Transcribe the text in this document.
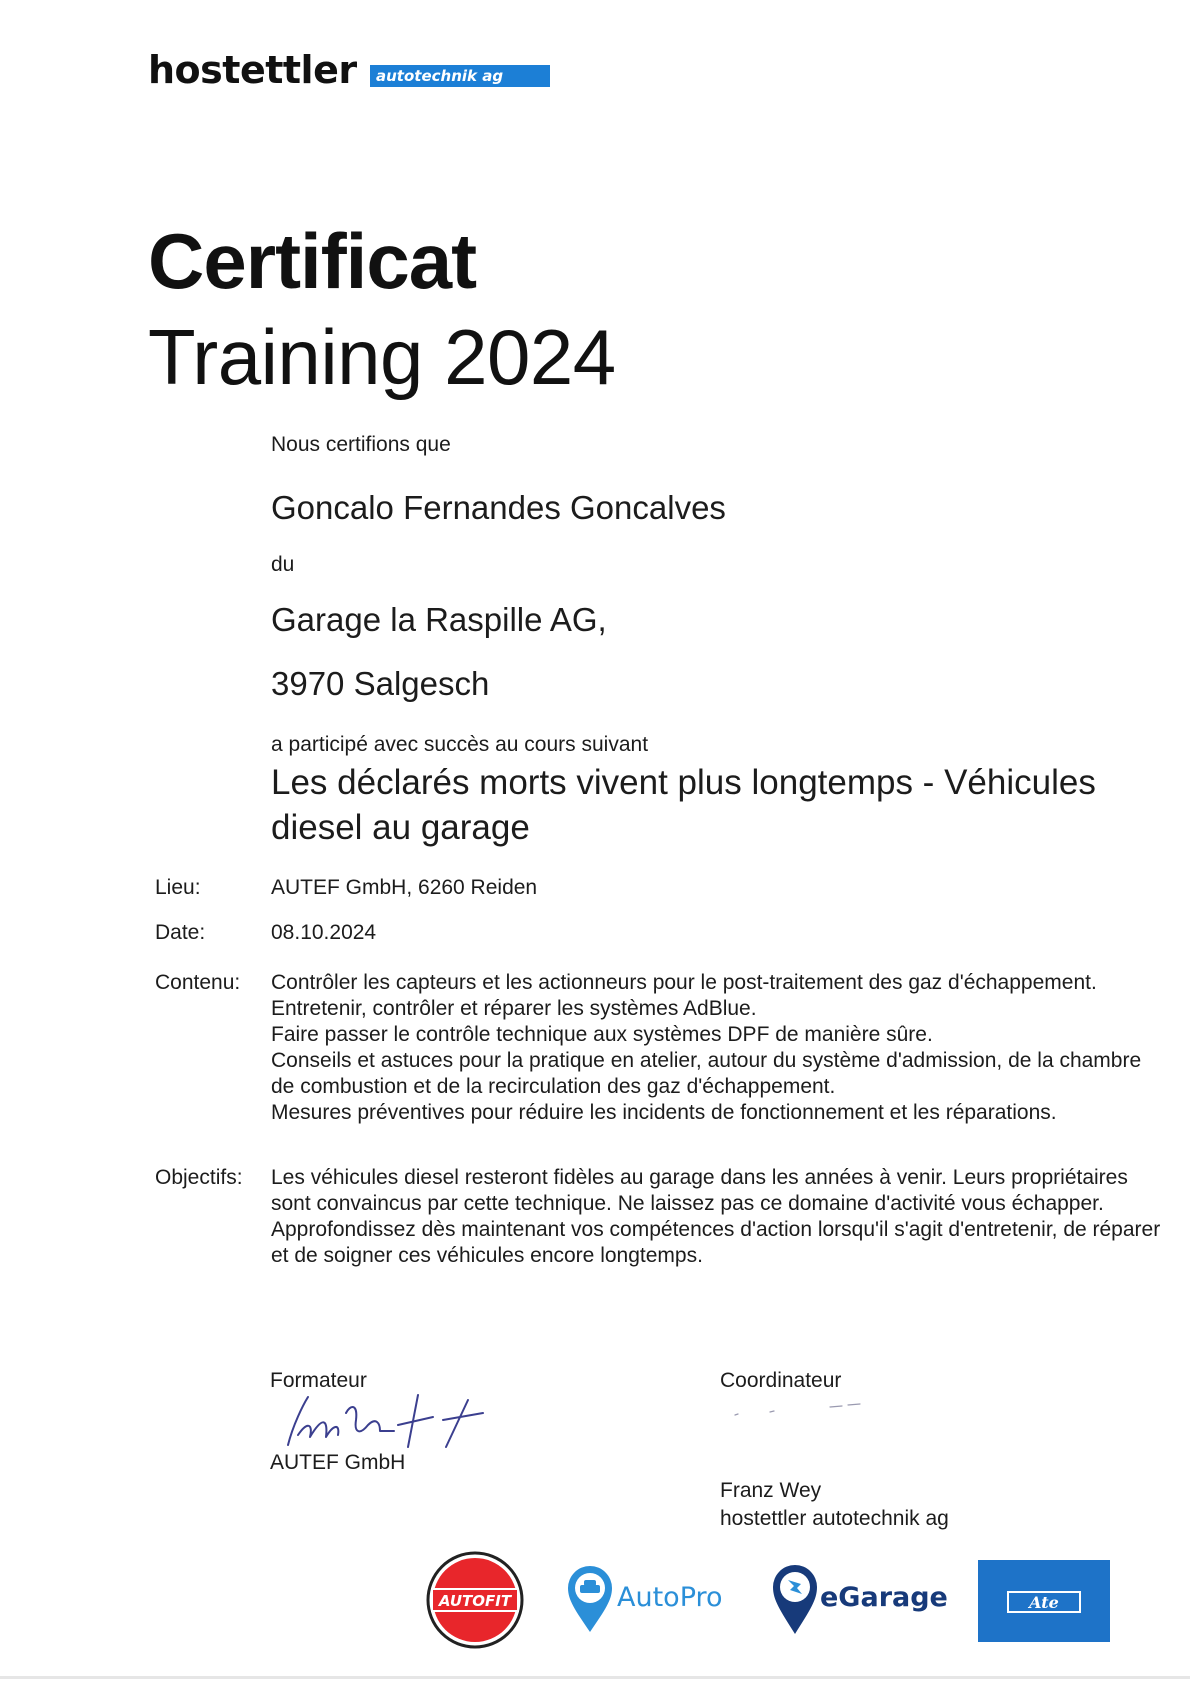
hostettler	autotechnik ag
Certificat
Training 2024
Nous certifions que
Goncalo Fernandes Goncalves
du
Garage la Raspille AG,
3970 Salgesch
a participé avec succès au cours suivant
Les déclarés morts vivent plus longtemps - Véhicules diesel au garage
Lieu:	AUTEF GmbH, 6260 Reiden
Date:	08.10.2024
Contenu: Contrôler les capteurs et les actionneurs pour le post-traitement des gaz d'échappement.
Entretenir, contrôler et réparer les systèmes AdBlue.
Faire passer le contrôle technique aux systèmes DPF de manière sûre.
Conseils et astuces pour la pratique en atelier, autour du système d'admission, de la chambre de combustion et de la recirculation des gaz d'échappement.
Mesures préventives pour réduire les incidents de fonctionnement et les réparations.
Objectifs: Les véhicules diesel resteront fidèles au garage dans les années à venir. Leurs propriétaires sont convaincus par cette technique. Ne laissez pas ce domaine d'activité vous échapper. Approfondissez dès maintenant vos compétences d'action lorsqu'il s'agit d'entretenir, de réparer et de soigner ces véhicules encore longtemps.
Formateur
AUTEF GmbH
Coordinateur
Franz Wey
hostettler autotechnik ag
AUTOFIT	AutoPro	eGarage	Ate
